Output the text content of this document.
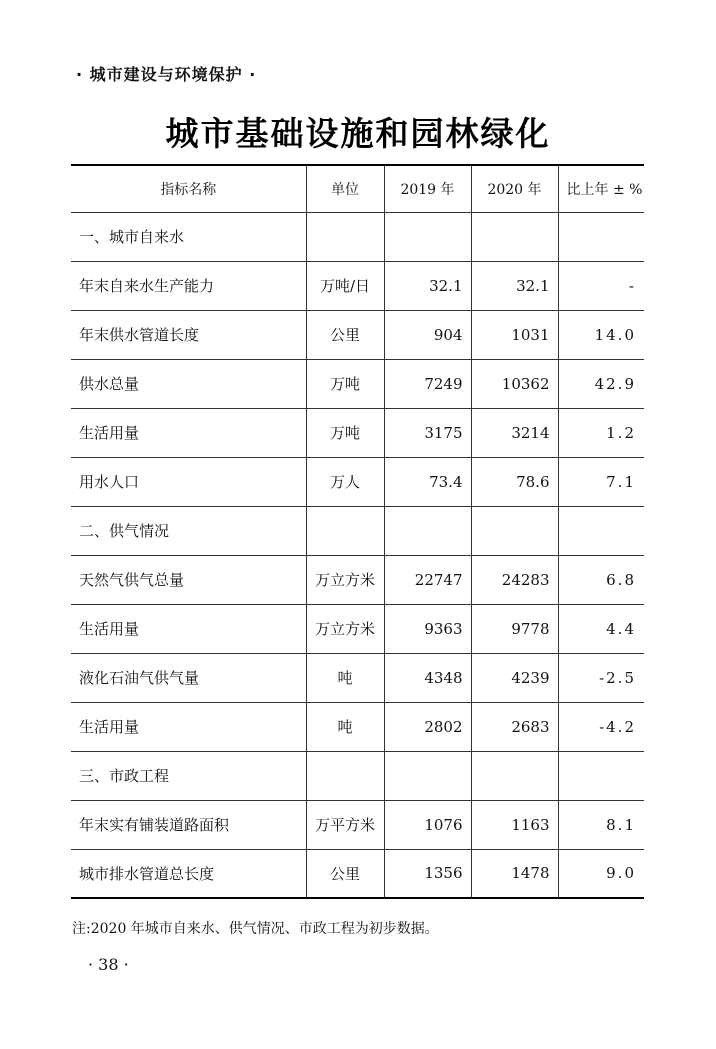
· 城市建设与环境保护 ·
城市基础设施和园林绿化
指标名称	单位	2019 年	2020 年	比上年 ± %
一、城市自来水				
年末自来水生产能力	万吨/日	32.1	32.1	-
年末供水管道长度	公里	904	1031	14.0
供水总量	万吨	7249	10362	42.9
生活用量	万吨	3175	3214	1.2
用水人口	万人	73.4	78.6	7.1
二、供气情况				
天然气供气总量	万立方米	22747	24283	6.8
生活用量	万立方米	9363	9778	4.4
液化石油气供气量	吨	4348	4239	-2.5
生活用量	吨	2802	2683	-4.2
三、市政工程				
年末实有铺装道路面积	万平方米	1076	1163	8.1
城市排水管道总长度	公里	1356	1478	9.0
注:2020 年城市自来水、供气情况、市政工程为初步数据。
· 38 ·
